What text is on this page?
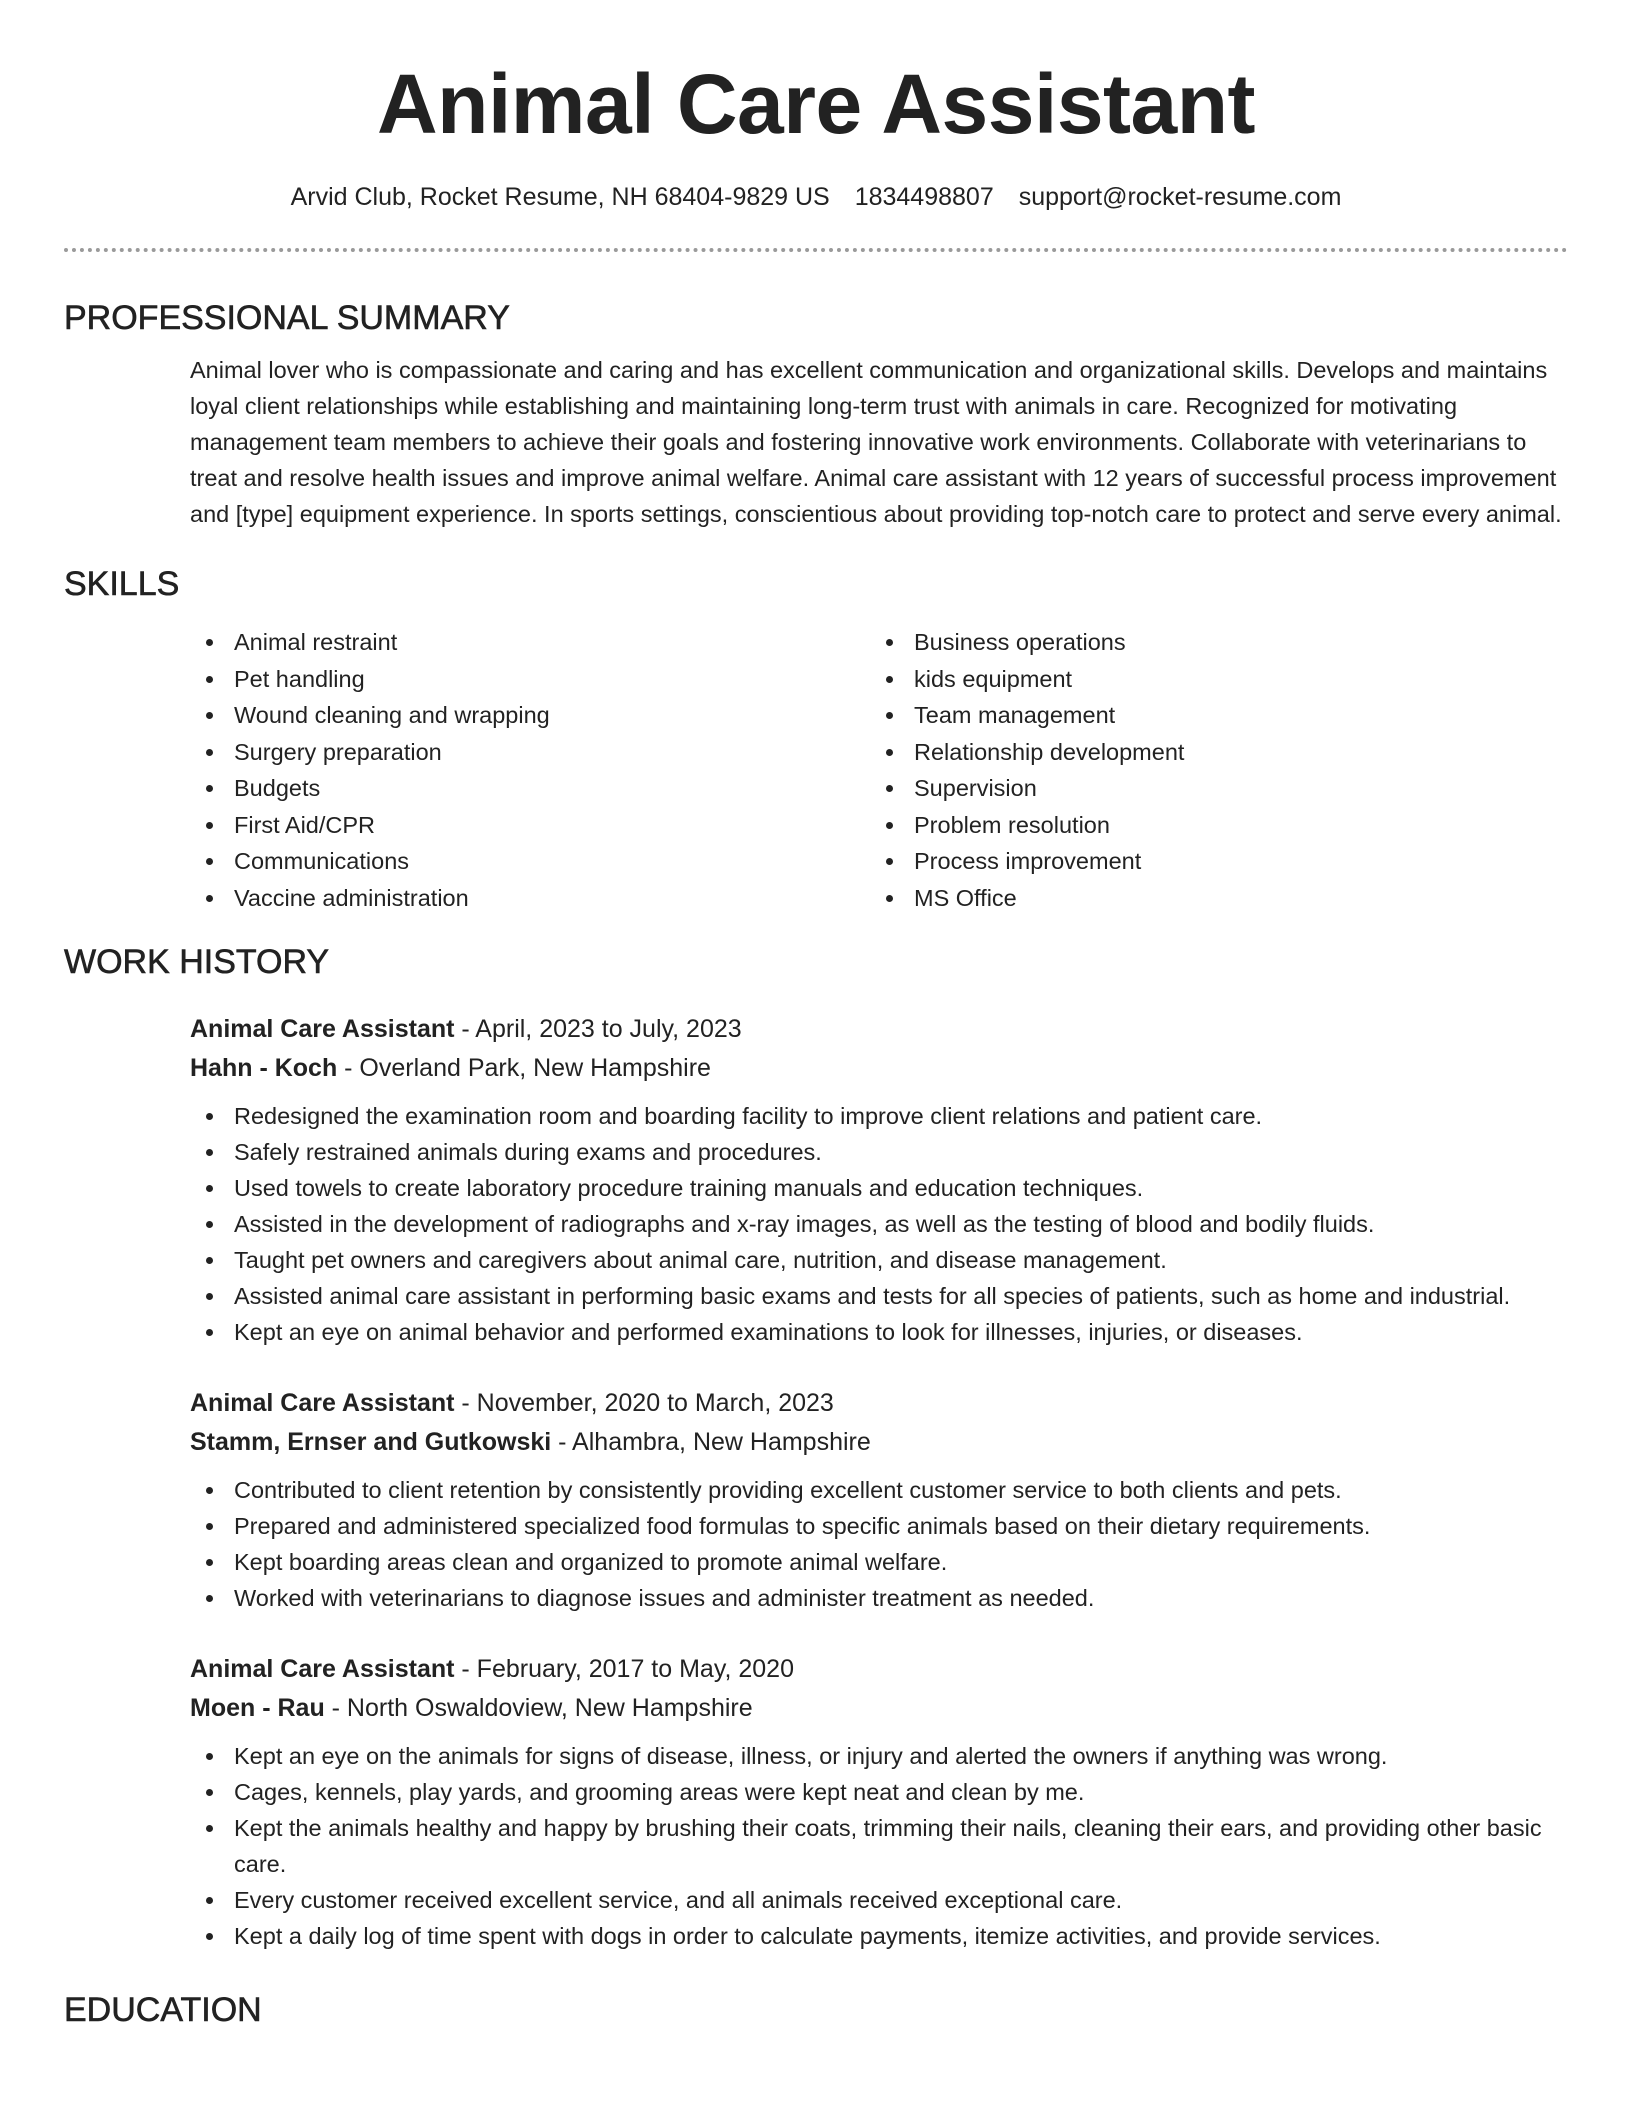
Animal Care Assistant
Arvid Club, Rocket Resume, NH 68404-9829 US 1834498807 support@rocket-resume.com
PROFESSIONAL SUMMARY

Animal lover who is compassionate and caring and has excellent communication and organizational skills. Develops and maintains loyal client relationships while establishing and maintaining long-term trust with animals in care. Recognized for motivating management team members to achieve their goals and fostering innovative work environments. Collaborate with veterinarians to treat and resolve health issues and improve animal welfare. Animal care assistant with 12 years of successful process improvement and [type] equipment experience. In sports settings, conscientious about providing top-notch care to protect and serve every animal.

SKILLS
Animal restraint
Pet handling
Wound cleaning and wrapping
Surgery preparation
Budgets
First Aid/CPR
Communications
Vaccine administration
Business operations
kids equipment
Team management
Relationship development
Supervision
Problem resolution
Process improvement
MS Office
WORK HISTORY
Animal Care Assistant - April, 2023 to July, 2023
Hahn - Koch - Overland Park, New Hampshire
Redesigned the examination room and boarding facility to improve client relations and patient care.
Safely restrained animals during exams and procedures.
Used towels to create laboratory procedure training manuals and education techniques.
Assisted in the development of radiographs and x-ray images, as well as the testing of blood and bodily fluids.
Taught pet owners and caregivers about animal care, nutrition, and disease management.
Assisted animal care assistant in performing basic exams and tests for all species of patients, such as home and industrial.
Kept an eye on animal behavior and performed examinations to look for illnesses, injuries, or diseases.
Animal Care Assistant - November, 2020 to March, 2023
Stamm, Ernser and Gutkowski - Alhambra, New Hampshire
Contributed to client retention by consistently providing excellent customer service to both clients and pets.
Prepared and administered specialized food formulas to specific animals based on their dietary requirements.
Kept boarding areas clean and organized to promote animal welfare.
Worked with veterinarians to diagnose issues and administer treatment as needed.
Animal Care Assistant - February, 2017 to May, 2020
Moen - Rau - North Oswaldoview, New Hampshire
Kept an eye on the animals for signs of disease, illness, or injury and alerted the owners if anything was wrong.
Cages, kennels, play yards, and grooming areas were kept neat and clean by me.
Kept the animals healthy and happy by brushing their coats, trimming their nails, cleaning their ears, and providing other basic care.
Every customer received excellent service, and all animals received exceptional care.
Kept a daily log of time spent with dogs in order to calculate payments, itemize activities, and provide services.
EDUCATION
